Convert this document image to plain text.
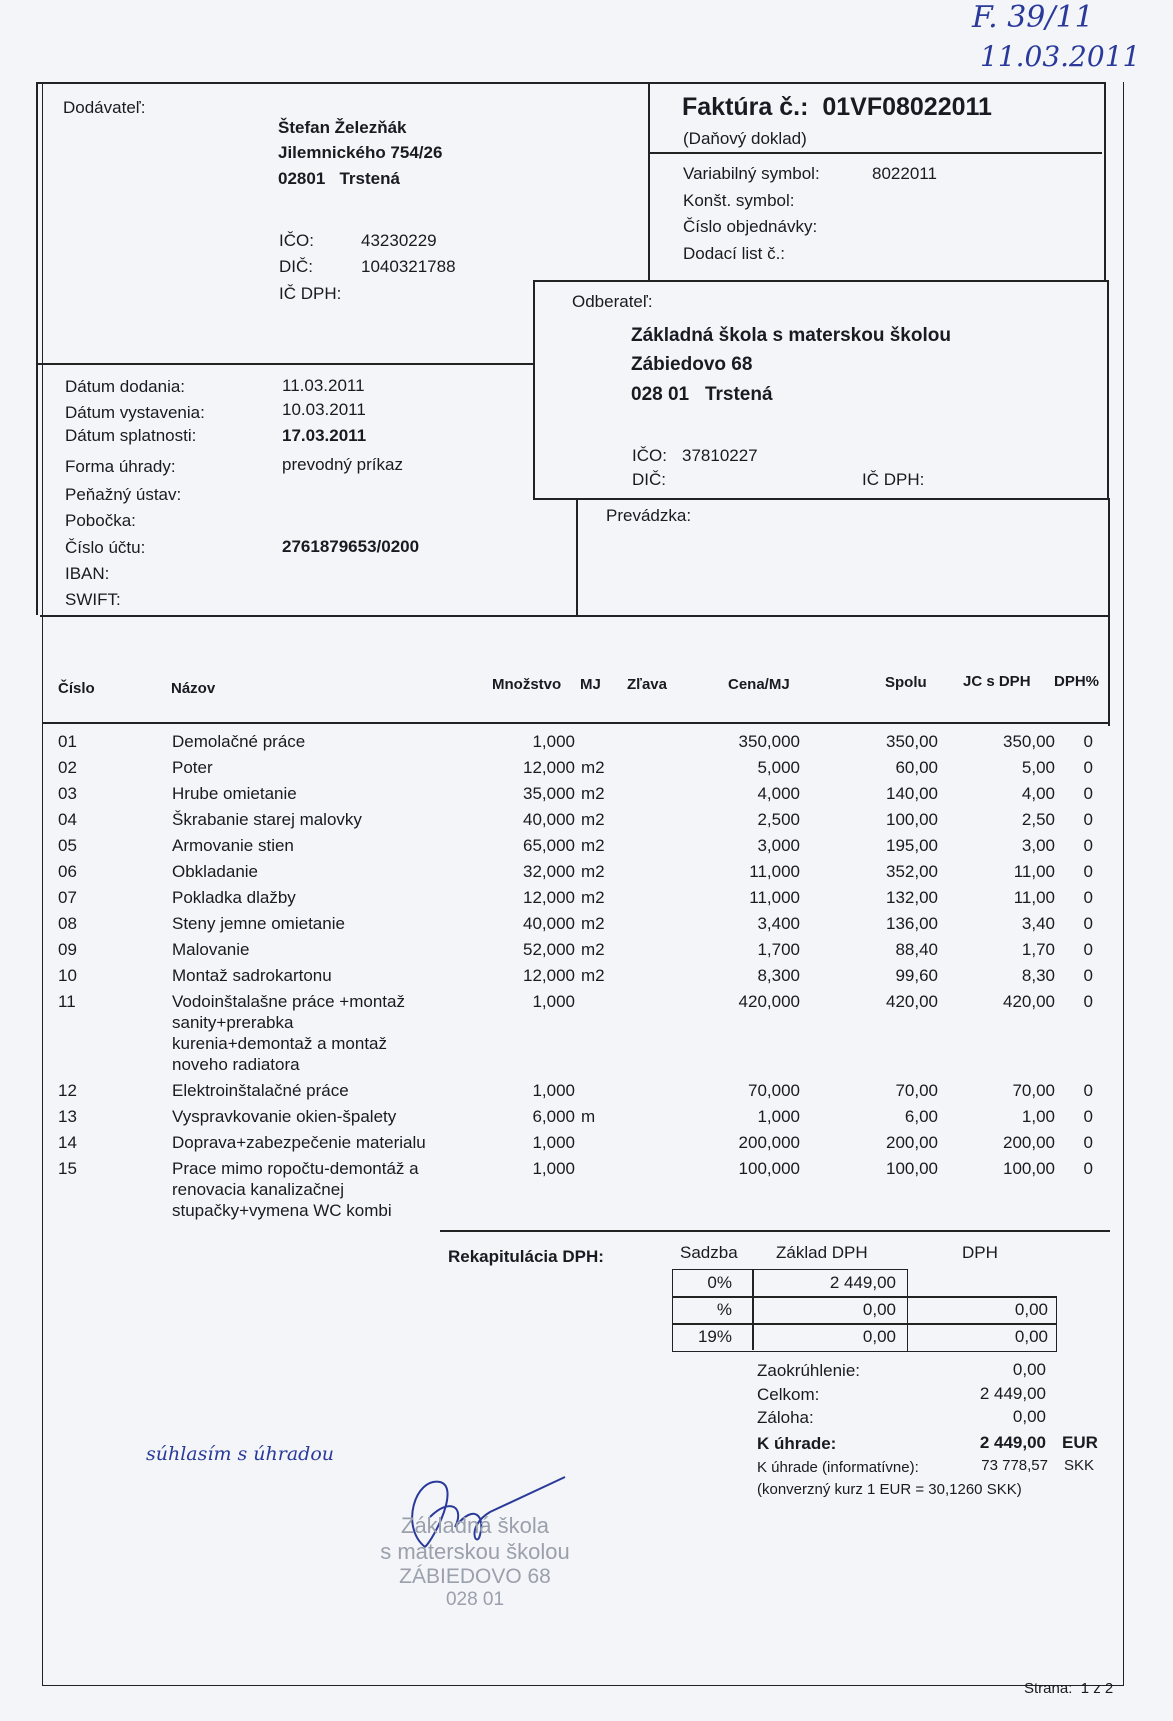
F. 39/11
11.03.2011
Dodávateľ:
Štefan Železňák
Jilemnického 754/26
02801   Trstená
IČO:	43230229
DIČ:	1040321788
IČ DPH:
Faktúra č.: 01VF08022011
(Daňový doklad)
Variabilný symbol:	8022011
Konšt. symbol:
Číslo objednávky:
Dodací list č.:
Odberateľ:
Základná škola s materskou školou
Zábiedovo 68
028 01   Trstená
IČO: 37810227
DIČ:	IČ DPH:
Prevádzka:
Dátum dodania:	11.03.2011
Dátum vystavenia:	10.03.2011
Dátum splatnosti:	17.03.2011
Forma úhrady:	prevodný príkaz
Peňažný ústav:
Pobočka:
Číslo účtu:	2761879653/0200
IBAN:
SWIFT:
Číslo	Názov	Množstvo MJ Zľava	Cena/MJ	Spolu JC s DPH DPH%
01	Demolačné práce	1,000	350,000	350,00	350,00	0
02	Poter	12,000 m2	5,000	60,00	5,00	0
03	Hrube omietanie	35,000 m2	4,000	140,00	4,00	0
04	Škrabanie starej malovky	40,000 m2	2,500	100,00	2,50	0
05	Armovanie stien	65,000 m2	3,000	195,00	3,00	0
06	Obkladanie	32,000 m2	11,000	352,00	11,00	0
07	Pokladka dlažby	12,000 m2	11,000	132,00	11,00	0
08	Steny jemne omietanie	40,000 m2	3,400	136,00	3,40	0
09	Malovanie	52,000 m2	1,700	88,40	1,70	0
10	Montaž sadrokartonu	12,000 m2	8,300	99,60	8,30	0
11	Vodoinštalašne práce +montaž
sanity+prerabka
kurenia+demontaž a montaž
noveho radiatora
1,000	420,000	420,00	420,00	0
12	Elektroinštalačné práce	1,000	70,000	70,00	70,00	0
13	Vyspravkovanie okien-špalety	6,000 m	1,000	6,00	1,00	0
14	Doprava+zabezpečenie materialu	1,000	200,000	200,00	200,00	0
15	Prace mimo ropočtu-demontáž a
renovacia kanalizačnej
stupačky+vymena WC kombi
1,000	100,000	100,00	100,00	0
Rekapitulácia DPH:	Sadzba Základ DPH	DPH
0%	2 449,00
%	0,00	0,00
19%	0,00	0,00
Zaokrúhlenie:	0,00
Celkom:	2 449,00
Záloha:	0,00
K úhrade:	2 449,00 EUR
K úhrade (informatívne):	73 778,57 SKK
(konverzný kurz 1 EUR = 30,1260 SKK)
súhlasím s úhradou
Základná škola
s materskou školou
ZÁBIEDOVO 68
028 01
Strana: 1 z 2
